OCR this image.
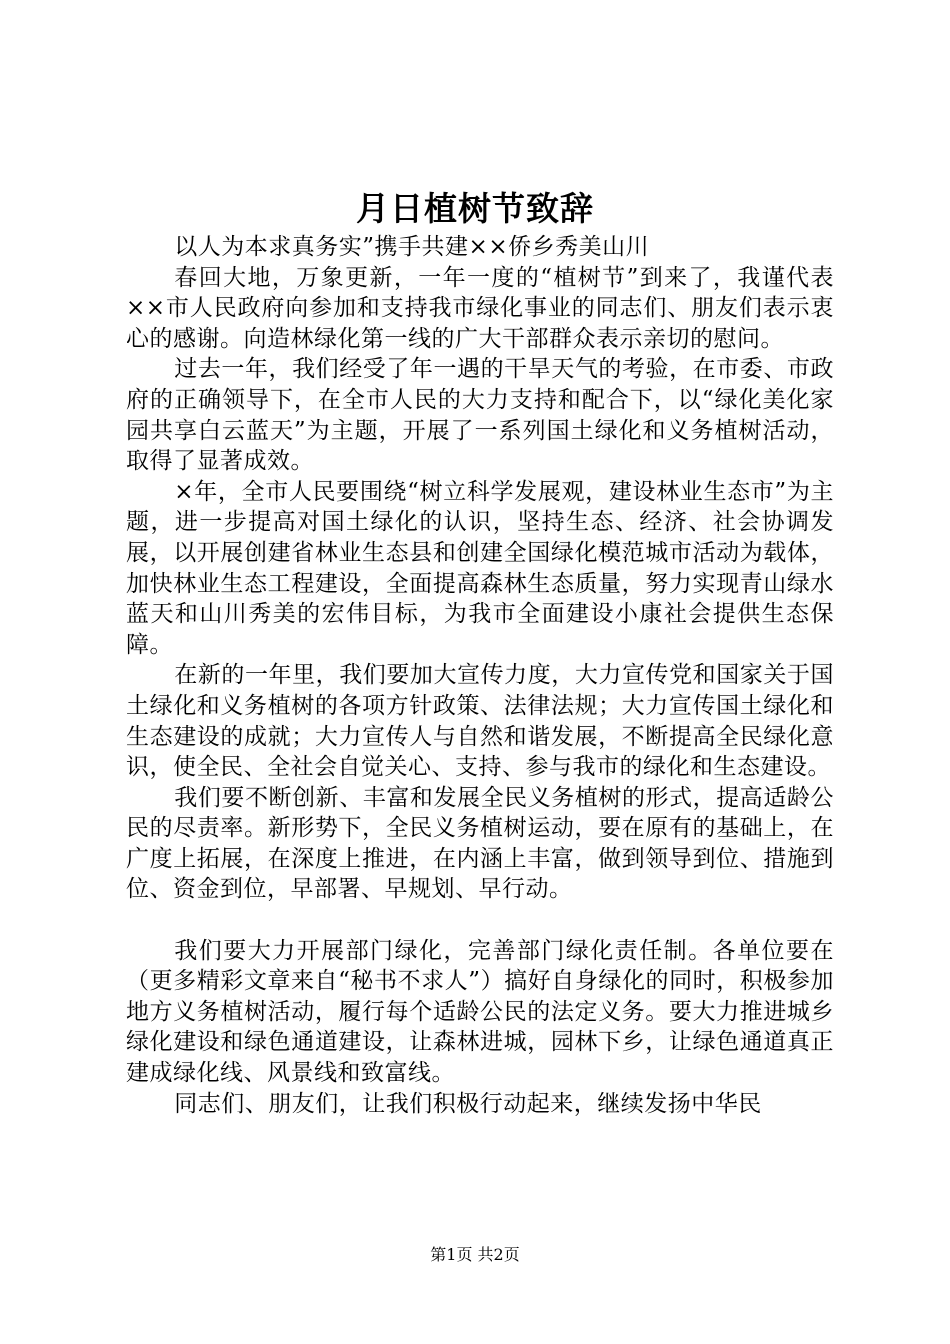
月日植树节致辞

以人为本求真务实”携手共建××侨乡秀美山川

春回大地，万象更新，一年一度的“植树节”到来了，我谨代表××市人民政府向参加和支持我市绿化事业的同志们、朋友们表示衷心的感谢。向造林绿化第一线的广大干部群众表示亲切的慰问。

过去一年，我们经受了年一遇的干旱天气的考验，在市委、市政府的正确领导下，在全市人民的大力支持和配合下，以“绿化美化家园共享白云蓝天”为主题，开展了一系列国土绿化和义务植树活动，取得了显著成效。

×年，全市人民要围绕“树立科学发展观，建设林业生态市”为主题，进一步提高对国土绿化的认识，坚持生态、经济、社会协调发展，以开展创建省林业生态县和创建全国绿化模范城市活动为载体，加快林业生态工程建设，全面提高森林生态质量，努力实现青山绿水蓝天和山川秀美的宏伟目标，为我市全面建设小康社会提供生态保障。

在新的一年里，我们要加大宣传力度，大力宣传党和国家关于国土绿化和义务植树的各项方针政策、法律法规；大力宣传国土绿化和生态建设的成就；大力宣传人与自然和谐发展，不断提高全民绿化意识，使全民、全社会自觉关心、支持、参与我市的绿化和生态建设。

我们要不断创新、丰富和发展全民义务植树的形式，提高适龄公民的尽责率。新形势下，全民义务植树运动，要在原有的基础上，在广度上拓展，在深度上推进，在内涵上丰富，做到领导到位、措施到位、资金到位，早部署、早规划、早行动。

我们要大力开展部门绿化，完善部门绿化责任制。各单位要在（更多精彩文章来自“秘书不求人”）搞好自身绿化的同时，积极参加地方义务植树活动，履行每个适龄公民的法定义务。要大力推进城乡绿化建设和绿色通道建设，让森林进城，园林下乡，让绿色通道真正建成绿化线、风景线和致富线。

同志们、朋友们，让我们积极行动起来，继续发扬中华民

第1页 共2页
